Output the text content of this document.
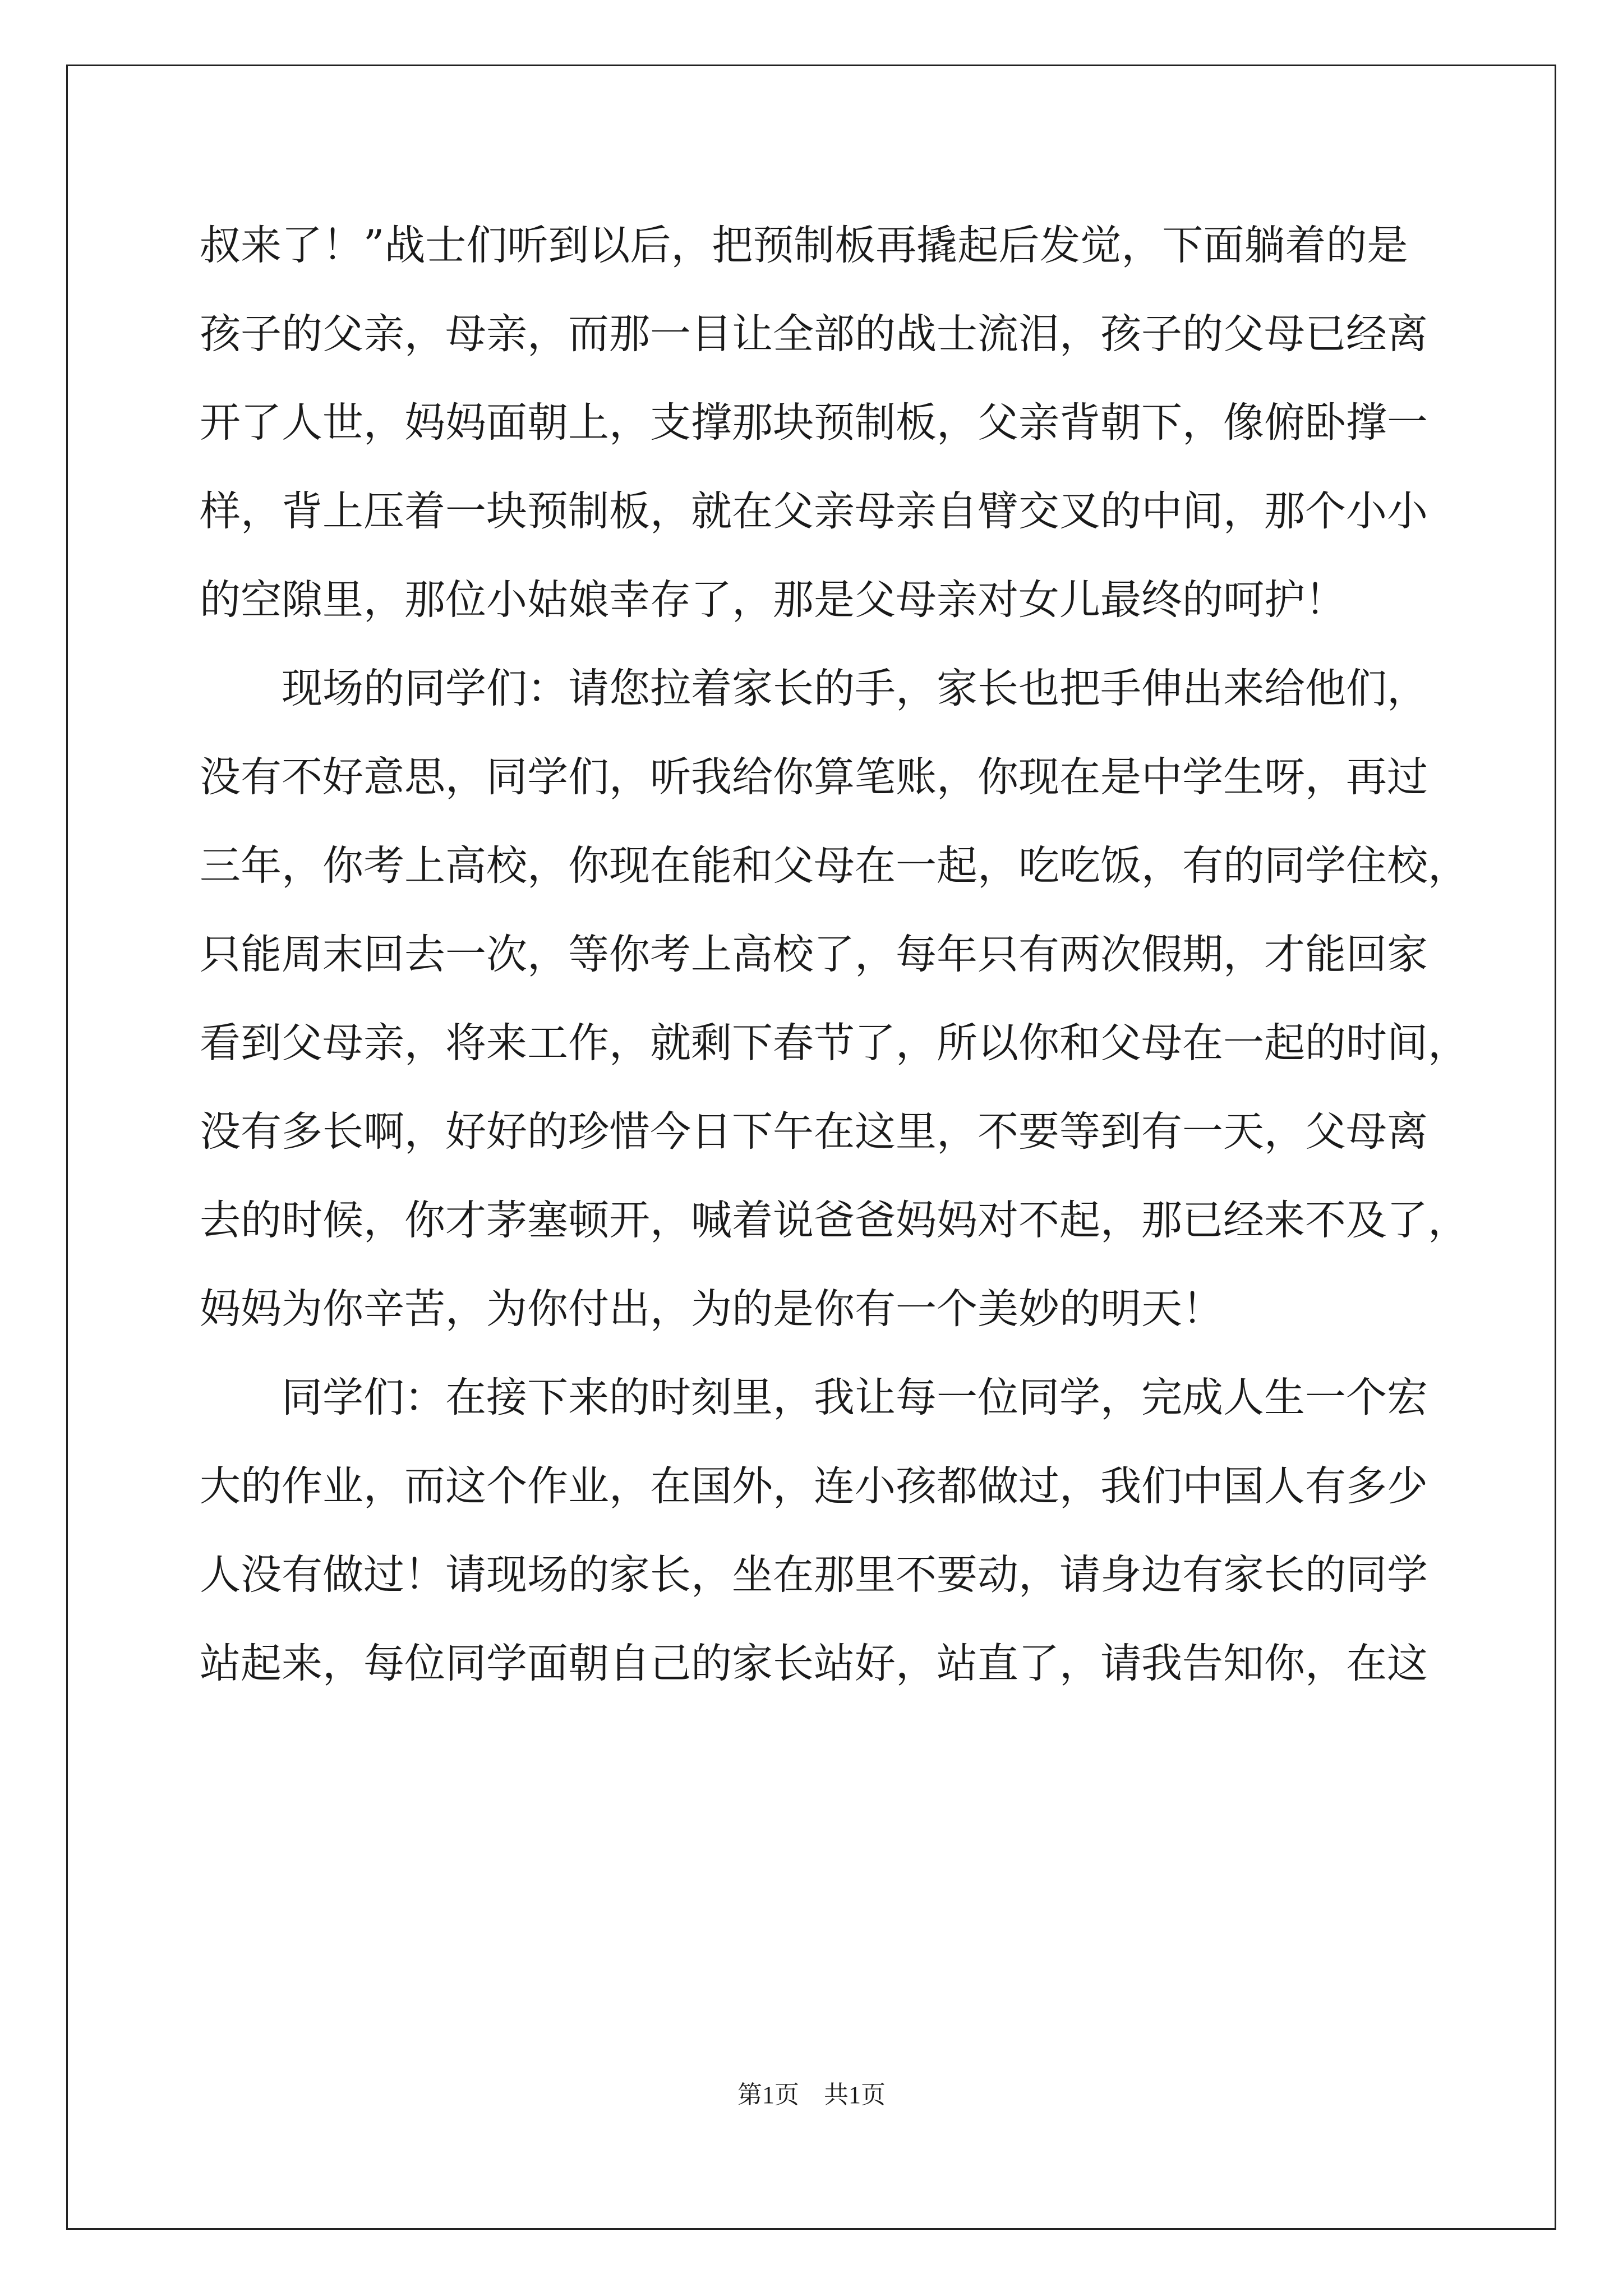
叔来了！”战士们听到以后，把预制板再撬起后发觉，下面躺着的是
孩子的父亲，母亲，而那一目让全部的战士流泪，孩子的父母已经离
开了人世，妈妈面朝上，支撑那块预制板，父亲背朝下，像俯卧撑一
样，背上压着一块预制板，就在父亲母亲自臂交叉的中间，那个小小
的空隙里，那位小姑娘幸存了，那是父母亲对女儿最终的呵护！
现场的同学们：请您拉着家长的手，家长也把手伸出来给他们，
没有不好意思，同学们，听我给你算笔账，你现在是中学生呀，再过
三年，你考上高校，你现在能和父母在一起，吃吃饭，有的同学住校，
只能周末回去一次，等你考上高校了，每年只有两次假期，才能回家
看到父母亲，将来工作，就剩下春节了，所以你和父母在一起的时间，
没有多长啊，好好的珍惜今日下午在这里，不要等到有一天，父母离
去的时候，你才茅塞顿开，喊着说爸爸妈妈对不起，那已经来不及了，
妈妈为你辛苦，为你付出，为的是你有一个美妙的明天！
同学们：在接下来的时刻里，我让每一位同学，完成人生一个宏
大的作业，而这个作业，在国外，连小孩都做过，我们中国人有多少
人没有做过！请现场的家长，坐在那里不要动，请身边有家长的同学
站起来，每位同学面朝自己的家长站好，站直了，请我告知你，在这
第1页　共1页
